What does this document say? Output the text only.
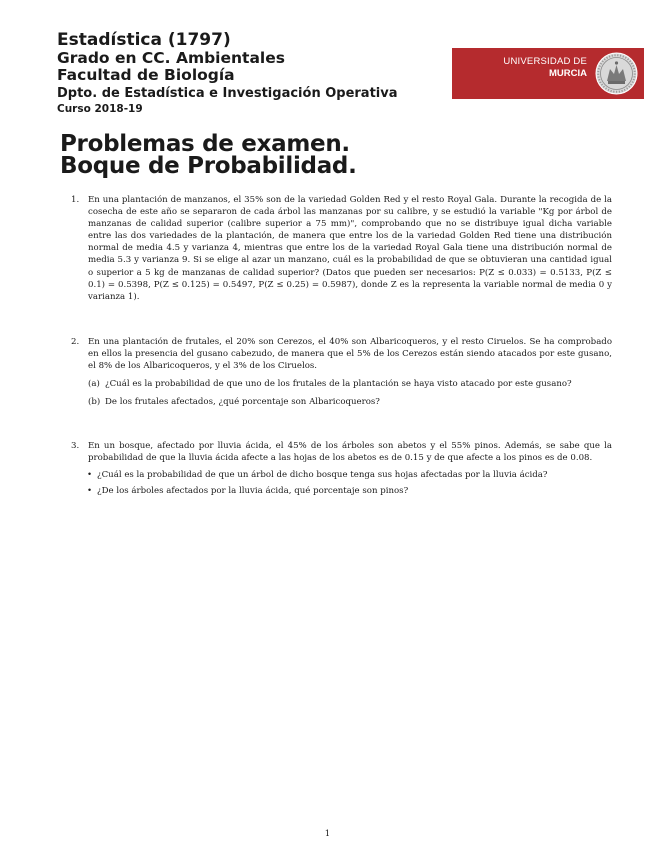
Estadística (1797)
Grado en CC. Ambientales
Facultad de Biología
Dpto. de Estadística e Investigación Operativa
Curso 2018-19
UNIVERSIDAD DE
MURCIA
Problemas de examen.
Boque de Probabilidad.
1. En una plantación de manzanos, el 35% son de la variedad Golden Red y el resto Royal Gala. Durante la recogida de la cosecha de este año se separaron de cada árbol las manzanas por su calibre, y se estudió la variable "Kg por árbol de manzanas de calidad superior (calibre superior a 75 mm)", comprobando que no se distribuye igual dicha variable entre las dos variedades de la plantación, de manera que entre los de la variedad Golden Red tiene una distribución normal de media 4.5 y varianza 4, mientras que entre los de la variedad Royal Gala tiene una distribución normal de media 5.3 y varianza 9. Si se elige al azar un manzano, cuál es la probabilidad de que se obtuvieran una cantidad igual o superior a 5 kg de manzanas de calidad superior? (Datos que pueden ser necesarios: P(Z ≤ 0.033) = 0.5133, P(Z ≤ 0.1) = 0.5398, P(Z ≤ 0.125) = 0.5497, P(Z ≤ 0.25) = 0.5987), donde Z es la representa la variable normal de media 0 y varianza 1).
2. En una plantación de frutales, el 20% son Cerezos, el 40% son Albaricoqueros, y el resto Ciruelos. Se ha comprobado en ellos la presencia del gusano cabezudo, de manera que el 5% de los Cerezos están siendo atacados por este gusano, el 8% de los Albaricoqueros, y el 3% de los Ciruelos.
(a) ¿Cuál es la probabilidad de que uno de los frutales de la plantación se haya visto atacado por este gusano?
(b) De los frutales afectados, ¿qué porcentaje son Albaricoqueros?
3. En un bosque, afectado por lluvia ácida, el 45% de los árboles son abetos y el 55% pinos. Además, se sabe que la probabilidad de que la lluvia ácida afecte a las hojas de los abetos es de 0.15 y de que afecte a los pinos es de 0.08.
• ¿Cuál es la probabilidad de que un árbol de dicho bosque tenga sus hojas afectadas por la lluvia ácida?
• ¿De los árboles afectados por la lluvia ácida, qué porcentaje son pinos?
1
